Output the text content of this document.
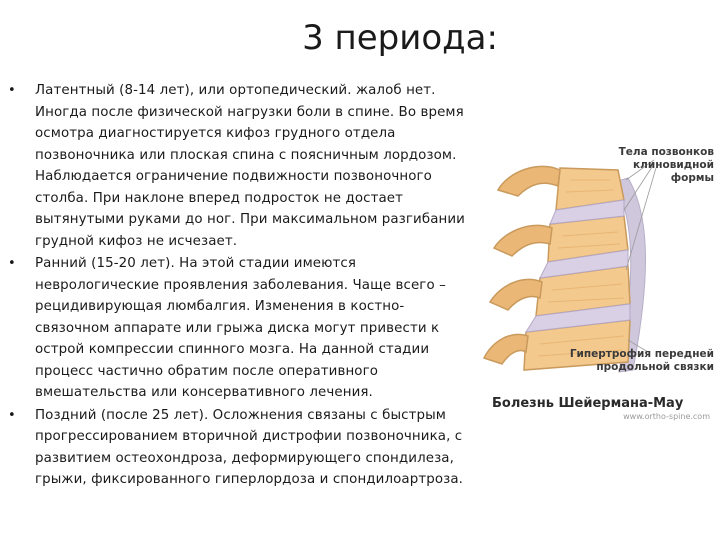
3 периода:
• Латентный (8-14 лет), или ортопедический. жалоб нет. Иногда после физической нагрузки боли в спине. Во время осмотра диагностируется кифоз грудного отдела позвоночника или плоская спина с поясничным лордозом. Наблюдается ограничение подвижности позвоночного столба. При наклоне вперед подросток не достает вытянутыми руками до ног. При максимальном разгибании грудной кифоз не исчезает.
• Ранний (15-20 лет). На этой стадии имеются неврологические проявления заболевания. Чаще всего – рецидивирующая люмбалгия. Изменения в костно-связочном аппарате или грыжа диска могут привести к острой компрессии спинного мозга. На данной стадии процесс частично обратим после оперативного вмешательства или консервативного лечения.
• Поздний (после 25 лет). Осложнения связаны с быстрым прогрессированием вторичной дистрофии позвоночника, с развитием остеохондроза, деформирующего спондилеза, грыжи, фиксированного гиперлордоза и спондилоартроза.
Тела позвонков
клиновидной
формы
Гипертрофия передней
продольной связки
Болезнь Шейермана-Мау
www.ortho-spine.com
